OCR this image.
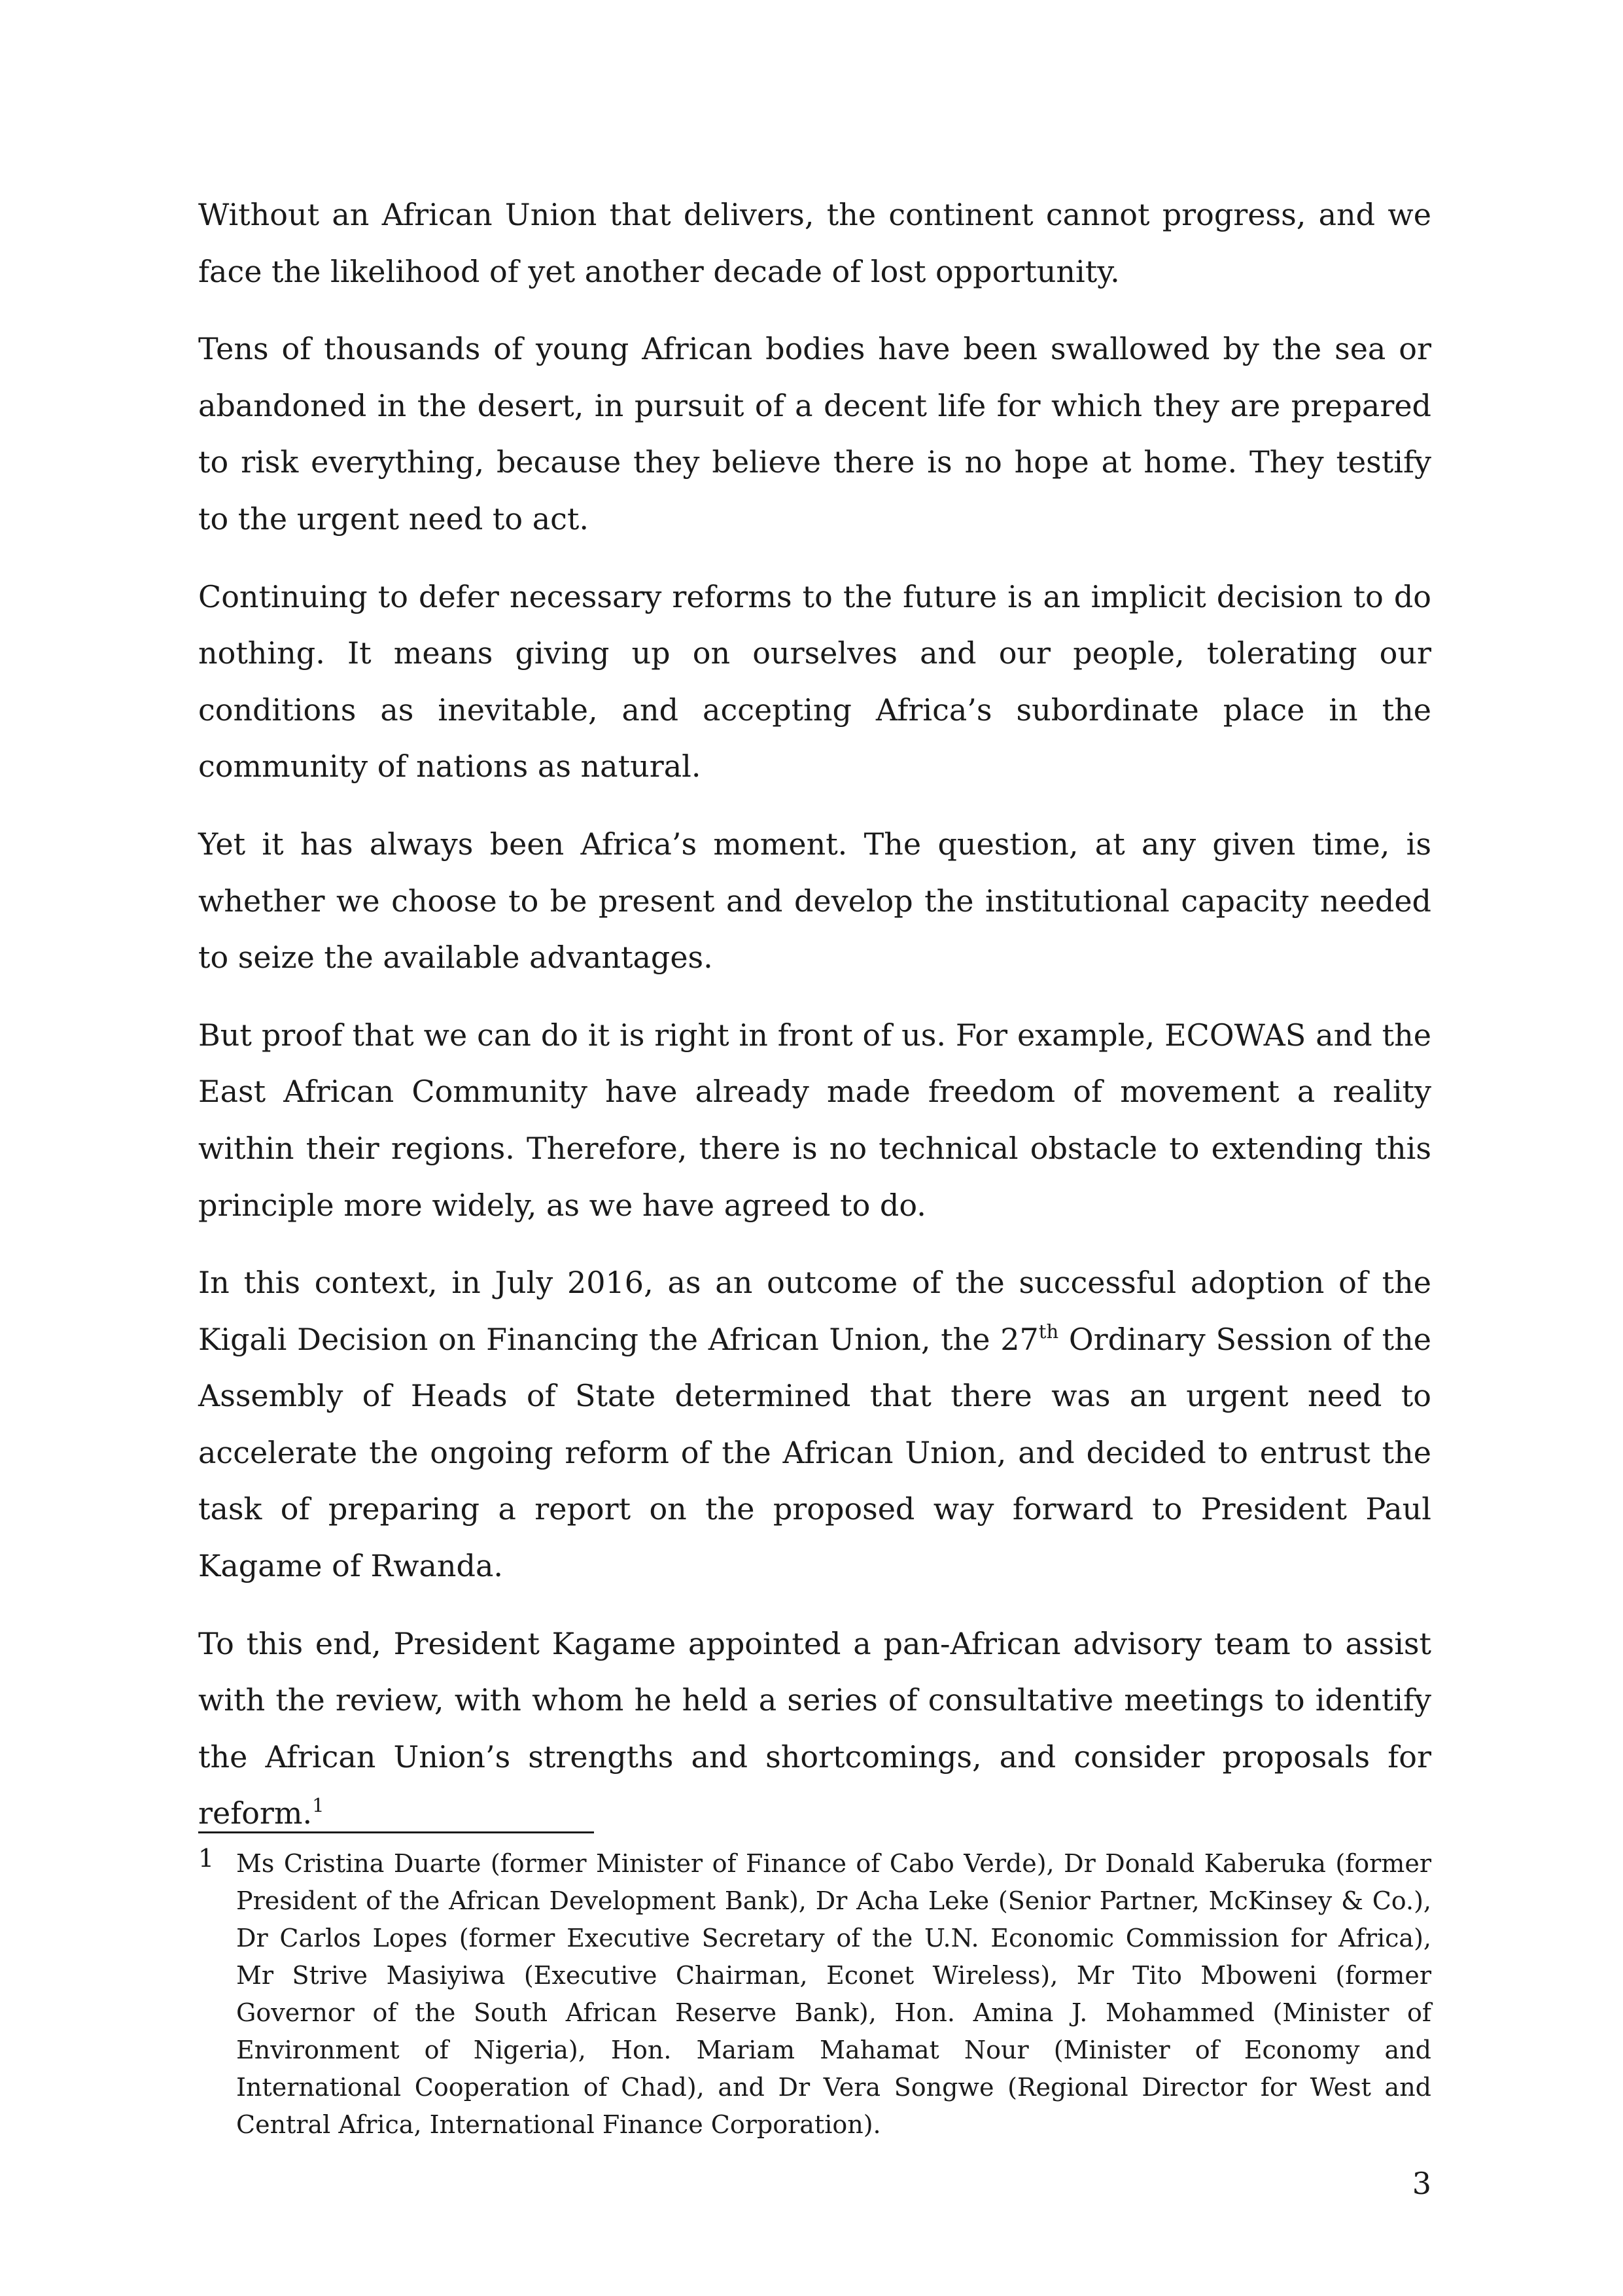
Without an African Union that delivers, the continent cannot progress, and we face the likelihood of yet another decade of lost opportunity.

Tens of thousands of young African bodies have been swallowed by the sea or abandoned in the desert, in pursuit of a decent life for which they are prepared to risk everything, because they believe there is no hope at home. They testify to the urgent need to act.

Continuing to defer necessary reforms to the future is an implicit decision to do nothing. It means giving up on ourselves and our people, tolerating our conditions as inevitable, and accepting Africa’s subordinate place in the community of nations as natural.

Yet it has always been Africa’s moment. The question, at any given time, is whether we choose to be present and develop the institutional capacity needed to seize the available advantages.

But proof that we can do it is right in front of us. For example, ECOWAS and the East African Community have already made freedom of movement a reality within their regions. Therefore, there is no technical obstacle to extending this principle more widely, as we have agreed to do.

In this context, in July 2016, as an outcome of the successful adoption of the Kigali Decision on Financing the African Union, the 27th Ordinary Session of the Assembly of Heads of State determined that there was an urgent need to accelerate the ongoing reform of the African Union, and decided to entrust the task of preparing a report on the proposed way forward to President Paul Kagame of Rwanda.

To this end, President Kagame appointed a pan-African advisory team to assist with the review, with whom he held a series of consultative meetings to identify the African Union’s strengths and shortcomings, and consider proposals for reform.$^1$

1 Ms Cristina Duarte (former Minister of Finance of Cabo Verde), Dr Donald Kaberuka (former President of the African Development Bank), Dr Acha Leke (Senior Partner, McKinsey & Co.), Dr Carlos Lopes (former Executive Secretary of the U.N. Economic Commission for Africa), Mr Strive Masiyiwa (Executive Chairman, Econet Wireless), Mr Tito Mboweni (former Governor of the South African Reserve Bank), Hon. Amina J. Mohammed (Minister of Environment of Nigeria), Hon. Mariam Mahamat Nour (Minister of Economy and International Cooperation of Chad), and Dr Vera Songwe (Regional Director for West and Central Africa, International Finance Corporation).
3
